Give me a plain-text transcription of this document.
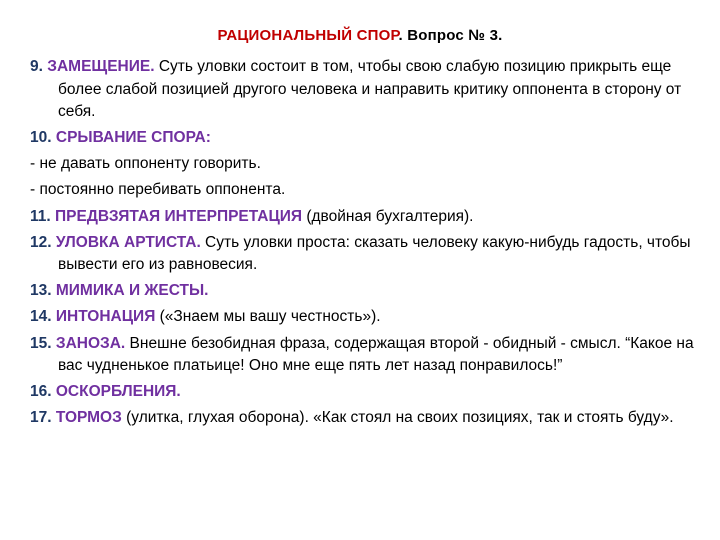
РАЦИОНАЛЬНЫЙ СПОР. Вопрос № 3.

9. ЗАМЕЩЕНИЕ. Суть уловки состоит в том, чтобы свою слабую позицию прикрыть еще более слабой позицией другого человека и направить критику оппонента в сторону от себя.

10. СРЫВАНИЕ СПОРА:

- не давать оппоненту говорить.

- постоянно перебивать оппонента.

11. ПРЕДВЗЯТАЯ ИНТЕРПРЕТАЦИЯ (двойная бухгалтерия).

12. УЛОВКА АРТИСТА. Суть уловки проста: сказать человеку какую-нибудь гадость, чтобы вывести его из равновесия.

13. МИМИКА И ЖЕСТЫ.

14. ИНТОНАЦИЯ («Знаем мы вашу честность»).

15. ЗАНОЗА. Внешне безобидная фраза, содержащая второй - обидный - смысл. “Какое на вас чудненькое платьице! Оно мне еще пять лет назад понравилось!”

16. ОСКОРБЛЕНИЯ.

17. ТОРМОЗ (улитка, глухая оборона). «Как стоял на своих позициях, так и стоять буду».
